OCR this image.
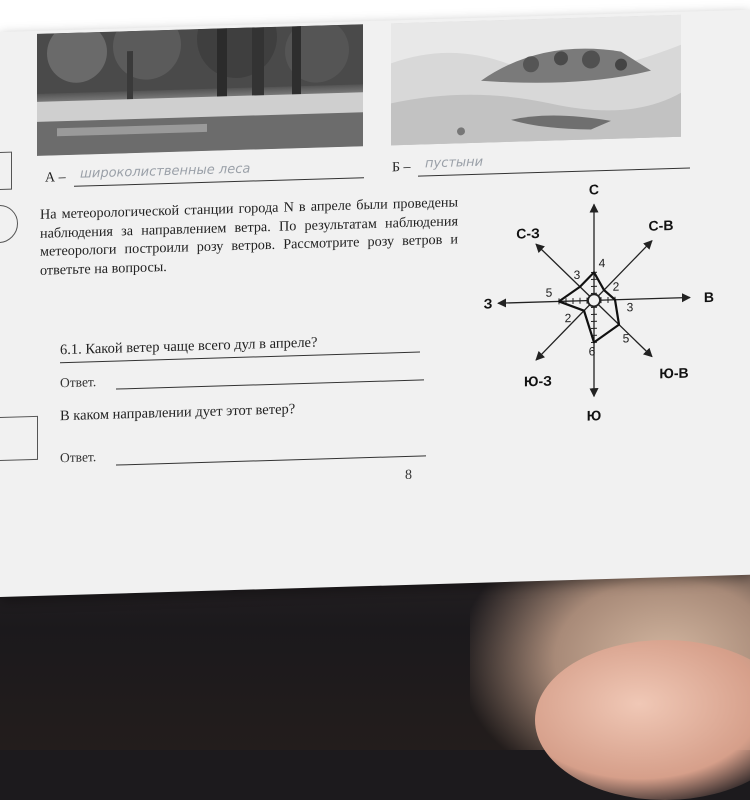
А – широколиственные леса	Б – пустыни

На метеорологической станции города N в апреле были проведены наблюдения за направлением ветра. По результатам наблюдения метеорологи построили розу ветров. Рассмотрите розу ветров и ответьте на вопросы.

6.1. Какой ветер чаще всего дул в апреле?
Ответ.
В каком направлении дует этот ветер?
Ответ.
8
С
Ю
В
З
С-В
С-З
Ю-В
Ю-З
4
2
3
5
6
2
5
3
